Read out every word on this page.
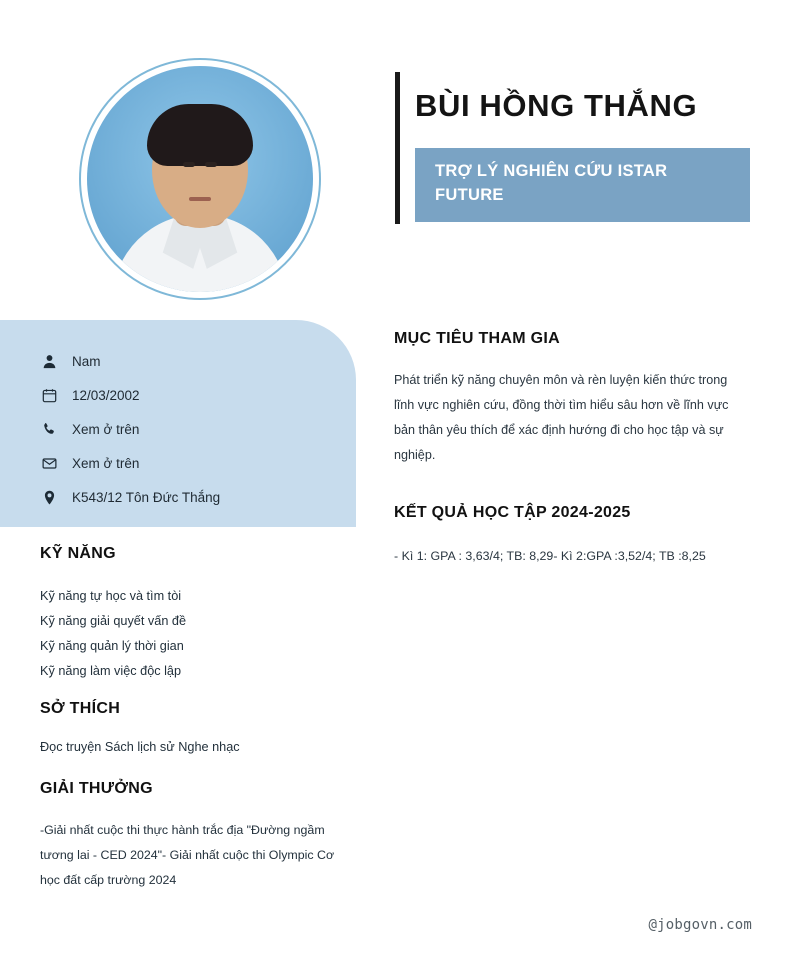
BÙI HỒNG THẮNG
TRỢ LÝ NGHIÊN CỨU ISTAR FUTURE
Nam
12/03/2002
Xem ở trên
Xem ở trên
K543/12 Tôn Đức Thắng
KỸ NĂNG
Kỹ năng tự học và tìm tòi
Kỹ năng giải quyết vấn đề
Kỹ năng quản lý thời gian
Kỹ năng làm việc độc lập
SỞ THÍCH
Đọc truyện Sách lịch sử Nghe nhạc
GIẢI THƯỞNG
-Giải nhất cuộc thi thực hành trắc địa "Đường ngầm tương lai - CED 2024"- Giải nhất cuộc thi Olympic Cơ học đất cấp trường 2024
MỤC TIÊU THAM GIA
Phát triển kỹ năng chuyên môn và rèn luyện kiến thức trong lĩnh vực nghiên cứu, đồng thời tìm hiểu sâu hơn về lĩnh vực bản thân yêu thích để xác định hướng đi cho học tập và sự nghiệp.
KẾT QUẢ HỌC TẬP 2024-2025
- Kì 1: GPA : 3,63/4; TB: 8,29- Kì 2:GPA :3,52/4; TB :8,25
@jobgovn.com
